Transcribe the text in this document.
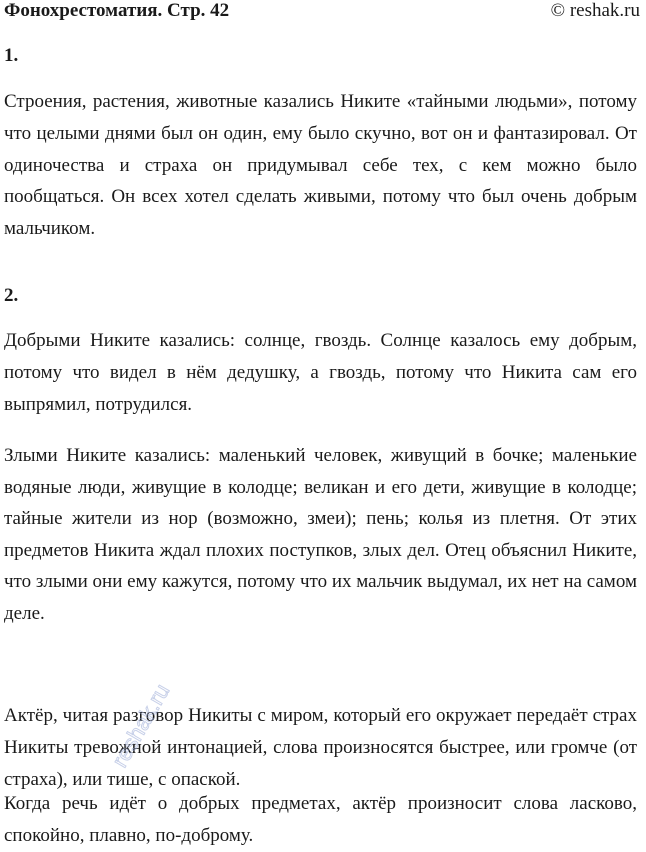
Фонохрестоматия. Стр. 42	© reshak.ru

1.

Строения, растения, животные казались Никите «тайными людьми», потому что целыми днями был он один, ему было скучно, вот он и фантазировал. От одиночества и страха он придумывал себе тех, с кем можно было пообщаться. Он всех хотел сделать живыми, потому что был очень добрым мальчиком.

2.

Добрыми Никите казались: солнце, гвоздь. Солнце казалось ему добрым, потому что видел в нём дедушку, а гвоздь, потому что Никита сам его выпрямил, потрудился.

Злыми Никите казались: маленький человек, живущий в бочке; маленькие водяные люди, живущие в колодце; великан и его дети, живущие в колодце; тайные жители из нор (возможно, змеи); пень; колья из плетня. От этих предметов Никита ждал плохих поступков, злых дел. Отец объяснил Никите, что злыми они ему кажутся, потому что их мальчик выдумал, их нет на самом деле.

Актёр, читая разговор Никиты с миром, который его окружает передаёт страх Никиты тревожной интонацией, слова произносятся быстрее, или громче (от страха), или тише, с опаской.

Когда речь идёт о добрых предметах, актёр произносит слова ласково, спокойно, плавно, по-доброму.

reshak.ru
